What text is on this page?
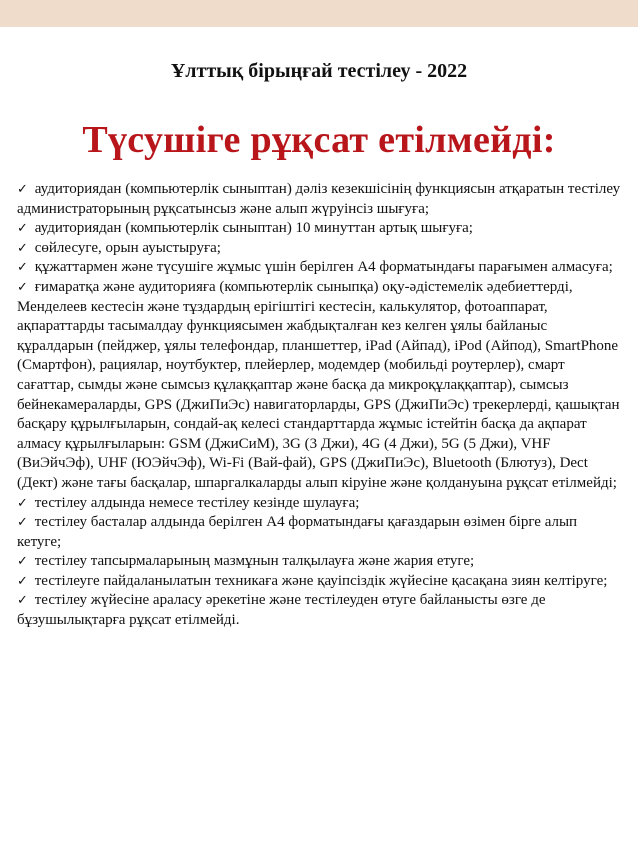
Ұлттық бірыңғай тестілеу - 2022
Түсушіге рұқсат етілмейді:
✓ аудиториядан (компьютерлік сыныптан) дәліз кезекшісінің функциясын атқаратын тестілеу администраторының рұқсатынсыз және алып жүруінсіз шығуға;
✓ аудиториядан (компьютерлік сыныптан) 10 минуттан артық шығуға;
✓ сөйлесуге, орын ауыстыруға;
✓ құжаттармен және түсушіге жұмыс үшін берілген А4 форматындағы парағымен алмасуға;
✓ ғимаратқа және аудиторияға (компьютерлік сыныпқа) оқу-әдістемелік әдебиеттерді, Менделеев кестесін және тұздардың ерігіштігі кестесін, калькулятор, фотоаппарат, ақпараттарды тасымалдау функциясымен жабдықталған кез келген ұялы байланыс құралдарын (пейджер, ұялы телефондар, планшеттер, iPad (Айпад), iPod (Айпод), SmartPhone (Смартфон), рациялар, ноутбуктер, плейерлер, модемдер (мобильді роутерлер), смарт сағаттар, сымды және сымсыз құлаққаптар және басқа да микроқұлаққаптар), сымсыз бейнекамераларды, GPS (ДжиПиЭс) навигаторларды, GPS (ДжиПиЭс) трекерлерді, қашықтан басқару құрылғыларын, сондай-ақ келесі стандарттарда жұмыс істейтін басқа да ақпарат алмасу құрылғыларын: GSM (ДжиСиМ), 3G (3 Джи), 4G (4 Джи), 5G (5 Джи), VHF (ВиЭйчЭф), UHF (ЮЭйчЭф), Wi-Fi (Вай-фай), GPS (ДжиПиЭс), Bluetooth (Блютуз), Dect (Дект) және тағы басқалар, шпаргалкаларды алып кіруіне және қолдануына рұқсат етілмейді;
✓ тестілеу алдында немесе тестілеу кезінде шулауға;
✓ тестілеу басталар алдында берілген А4 форматындағы қағаздарын өзімен бірге алып кетуге;
✓ тестілеу тапсырмаларының мазмұнын талқылауға және жария етуге;
✓ тестілеуге пайдаланылатын техникаға және қауіпсіздік жүйесіне қасақана зиян келтіруге;
✓ тестілеу жүйесіне араласу әрекетіне және тестілеуден өтуге байланысты өзге де бұзушылықтарға рұқсат етілмейді.
